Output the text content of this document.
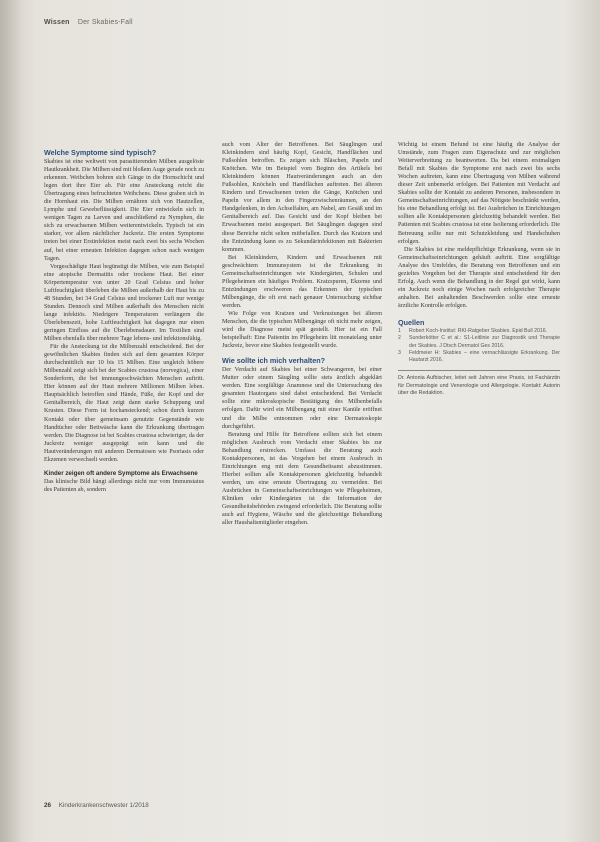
Wissen Der Skabies-Fall
Welche Symptome sind typisch?

Skabies ist eine weltweit von parasitierenden Milben ausgelöste Hautkrankheit. Die Milben sind mit bloßem Auge gerade noch zu erkennen. Weibchen bohren sich Gänge in die Hornschicht und legen dort ihre Eier ab. Für eine Ansteckung reicht die Übertragung eines befruchteten Weibchens. Diese graben sich in die Hornhaut ein. Die Milben ernähren sich von Hautzellen, Lymphe und Gewebeflüssigkeit. Die Eier entwickeln sich in wenigen Tagen zu Larven und anschließend zu Nymphen, die sich zu erwachsenen Milben weiterentwickeln. Typisch ist ein starker, vor allem nächtlicher Juckreiz. Die ersten Symptome treten bei einer Erstinfektion meist nach zwei bis sechs Wochen auf, bei einer erneuten Infektion dagegen schon nach wenigen Tagen.

Vorgeschädigte Haut begünstigt die Milben, wie zum Beispiel eine atopische Dermatitis oder trockene Haut. Bei einer Körpertemperatur von unter 20 Grad Celsius und hoher Luftfeuchtigkeit überleben die Milben außerhalb der Haut bis zu 48 Stunden, bei 34 Grad Celsius und trockener Luft nur wenige Stunden. Dennoch sind Milben außerhalb des Menschen nicht lange infektiös. Niedrigere Temperaturen verlängern die Überlebenszeit, hohe Luftfeuchtigkeit hat dagegen nur einen geringen Einfluss auf die Überlebensdauer. Im Textilien sind Milben ebenfalls über mehrere Tage lebens- und infektionsfähig.

Für die Ansteckung ist die Milbenzahl entscheidend. Bei der gewöhnlichen Skabies finden sich auf dem gesamten Körper durchschnittlich nur 10 bis 15 Milben. Eine ungleich höhere Milbenzahl zeigt sich bei der Scabies crustosa (norvegica), einer Sonderform, die bei immungeschwächten Menschen auftritt. Hier können auf der Haut mehrere Millionen Milben leben. Hauptsächlich betroffen sind Hände, Füße, der Kopf und der Genitalbereich, die Haut zeigt dann starke Schuppung und Krusten. Diese Form ist hochansteckend; schon durch kurzen Kontakt oder über gemeinsam genutzte Gegenstände wie Handtücher oder Bettwäsche kann die Erkrankung übertragen werden. Die Diagnose ist bei Scabies crustosa schwieriger, da der Juckreiz weniger ausgeprägt sein kann und die Hautveränderungen mit anderen Dermatosen wie Psoriasis oder Ekzemen verwechselt werden.

Kinder zeigen oft andere Symptome als Erwachsene

Das klinische Bild hängt allerdings nicht nur vom Immunstatus des Patienten ab, sondern

auch vom Alter der Betroffenen. Bei Säuglingen und Kleinkindern sind häufig Kopf, Gesicht, Handflächen und Fußsohlen betroffen. Es zeigen sich Bläschen, Papeln und Knötchen. Wie im Beispiel vom Beginn des Artikels bei Kleinkindern können Hautveränderungen auch an den Fußsohlen, Knöcheln und Handflächen auftreten. Bei älteren Kindern und Erwachsenen treten die Gänge, Knötchen und Papeln vor allem in den Fingerzwischenräumen, an den Handgelenken, in den Achselfalten, am Nabel, am Gesäß und im Genitalbereich auf. Das Gesicht und der Kopf bleiben bei Erwachsenen meist ausgespart. Bei Säuglingen dagegen sind diese Bereiche nicht selten mitbefallen. Durch das Kratzen und die Entzündung kann es zu Sekundärinfektionen mit Bakterien kommen.

Bei Kleinkindern, Kindern und Erwachsenen mit geschwächtem Immunsystem ist die Erkrankung in Gemeinschaftseinrichtungen wie Kindergärten, Schulen und Pflegeheimen ein häufiges Problem. Kratzspuren, Ekzeme und Entzündungen erschweren das Erkennen der typischen Milbengänge, die oft erst nach genauer Untersuchung sichtbar werden.

Wie Folge von Kratzen und Verkrustungen bei älteren Menschen, die die typischen Milbengänge oft nicht mehr zeigen, wird die Diagnose meist spät gestellt. Hier ist ein Fall beispielhaft: Eine Patientin im Pflegeheim litt monatelang unter Juckreiz, bevor eine Skabies festgestellt wurde.

Wie sollte ich mich verhalten?

Der Verdacht auf Skabies bei einer Schwangeren, bei einer Mutter oder einem Säugling sollte stets ärztlich abgeklärt werden. Eine sorgfältige Anamnese und die Untersuchung des gesamten Hautorgans sind dabei entscheidend. Bei Verdacht sollte eine mikroskopische Bestätigung des Milbenbefalls erfolgen. Dafür wird ein Milbengang mit einer Kanüle eröffnet und die Milbe entnommen oder eine Dermatoskopie durchgeführt.

Beratung und Hilfe für Betroffene sollten sich bei einem möglichen Ausbruch vom Verdacht einer Skabies bis zur Behandlung erstrecken. Umfasst die Beratung auch Kontaktpersonen, ist das Vorgehen bei einem Ausbruch in Einrichtungen eng mit dem Gesundheitsamt abzustimmen. Hierbei sollten alle Kontaktpersonen gleichzeitig behandelt werden, um eine erneute Übertragung zu vermeiden. Bei Ausbrüchen in Gemeinschaftseinrichtungen wie Pflegeheimen, Kliniken oder Kindergärten ist die Information der Gesundheitsbehörden zwingend erforderlich. Die Beratung sollte auch auf Hygiene, Wäsche und die gleichzeitige Behandlung aller Haushaltsmitglieder eingehen.

Wichtig ist einem Befund ist eine häufig die Analyse der Umstände, zum Fragen zum Eigenschutz und zur möglichen Weiterverbreitung zu beantworten. Da bei einem erstmaligen Befall mit Skabies die Symptome erst nach zwei bis sechs Wochen auftreten, kann eine Übertragung von Milben während dieser Zeit unbemerkt erfolgen. Bei Patienten mit Verdacht auf Skabies sollte der Kontakt zu anderen Personen, insbesondere in Gemeinschaftseinrichtungen, auf das Nötigste beschränkt werden, bis eine Behandlung erfolgt ist. Bei Ausbrüchen in Einrichtungen sollten alle Kontaktpersonen gleichzeitig behandelt werden. Bei Patienten mit Scabies crustosa ist eine Isolierung erforderlich. Die Betreuung sollte nur mit Schutzkleidung und Handschuhen erfolgen.

Die Skabies ist eine meldepflichtige Erkrankung, wenn sie in Gemeinschaftseinrichtungen gehäuft auftritt. Eine sorgfältige Analyse des Umfeldes, die Beratung von Betroffenen und ein gezieltes Vorgehen bei der Therapie sind entscheidend für den Erfolg. Auch wenn die Behandlung in der Regel gut wirkt, kann ein Juckreiz noch einige Wochen nach erfolgreicher Therapie anhalten. Bei anhaltenden Beschwerden sollte eine erneute ärztliche Kontrolle erfolgen.

Quellen
1	Robert Koch-Institut: RKI-Ratgeber Skabies. Epid Bull 2016.
2	Sunderkötter C et al.: S1-Leitlinie zur Diagnostik und Therapie der Skabies. J Dtsch Dermatol Ges 2016.
3	Feldmeier H: Skabies – eine vernachlässigte Erkrankung. Der Hautarzt 2016.
Dr. Antonia Aufbischer, leitet seit Jahren eine Praxis, ist Fachärztin für Dermatologie und Venerologie und Allergologie. Kontakt: Autorin über die Redaktion.
26 Kinderkrankenschwester 1/2018
